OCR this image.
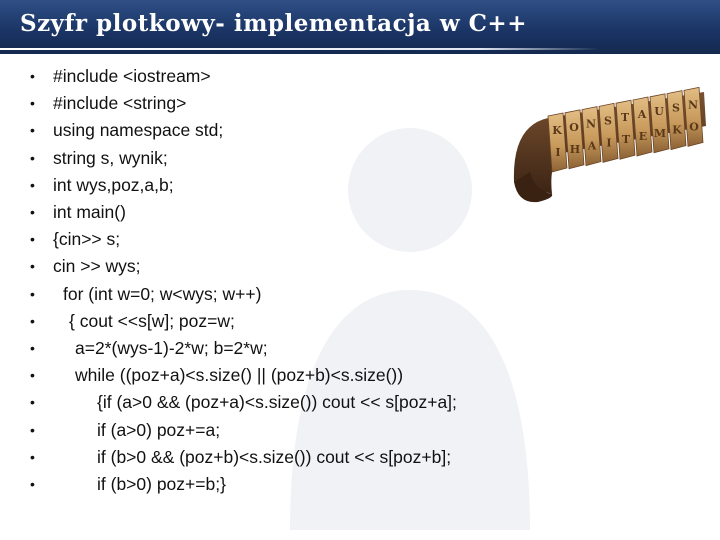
Szyfr plotkowy- implementacja w C++
• #include <iostream>
• #include <string>
• using namespace std;
• string s, wynik;
• int wys,poz,a,b;
• int main()
• {cin>> s;
• cin >> wys;
• for (int w=0; w<wys; w++)
• { cout <<s[w]; poz=w;
• a=2*(wys-1)-2*w; b=2*w;
• while ((poz+a)<s.size() || (poz+b)<s.size())
•	{if (a>0 && (poz+a)<s.size()) cout << s[poz+a];
•	if (a>0) poz+=a;
•	if (b>0 && (poz+b)<s.size()) cout << s[poz+b];
•	if (b>0) poz+=b;}
K
I
O
H
N
A
S
I
T
T
A
E
U
M
S
K
N
O
